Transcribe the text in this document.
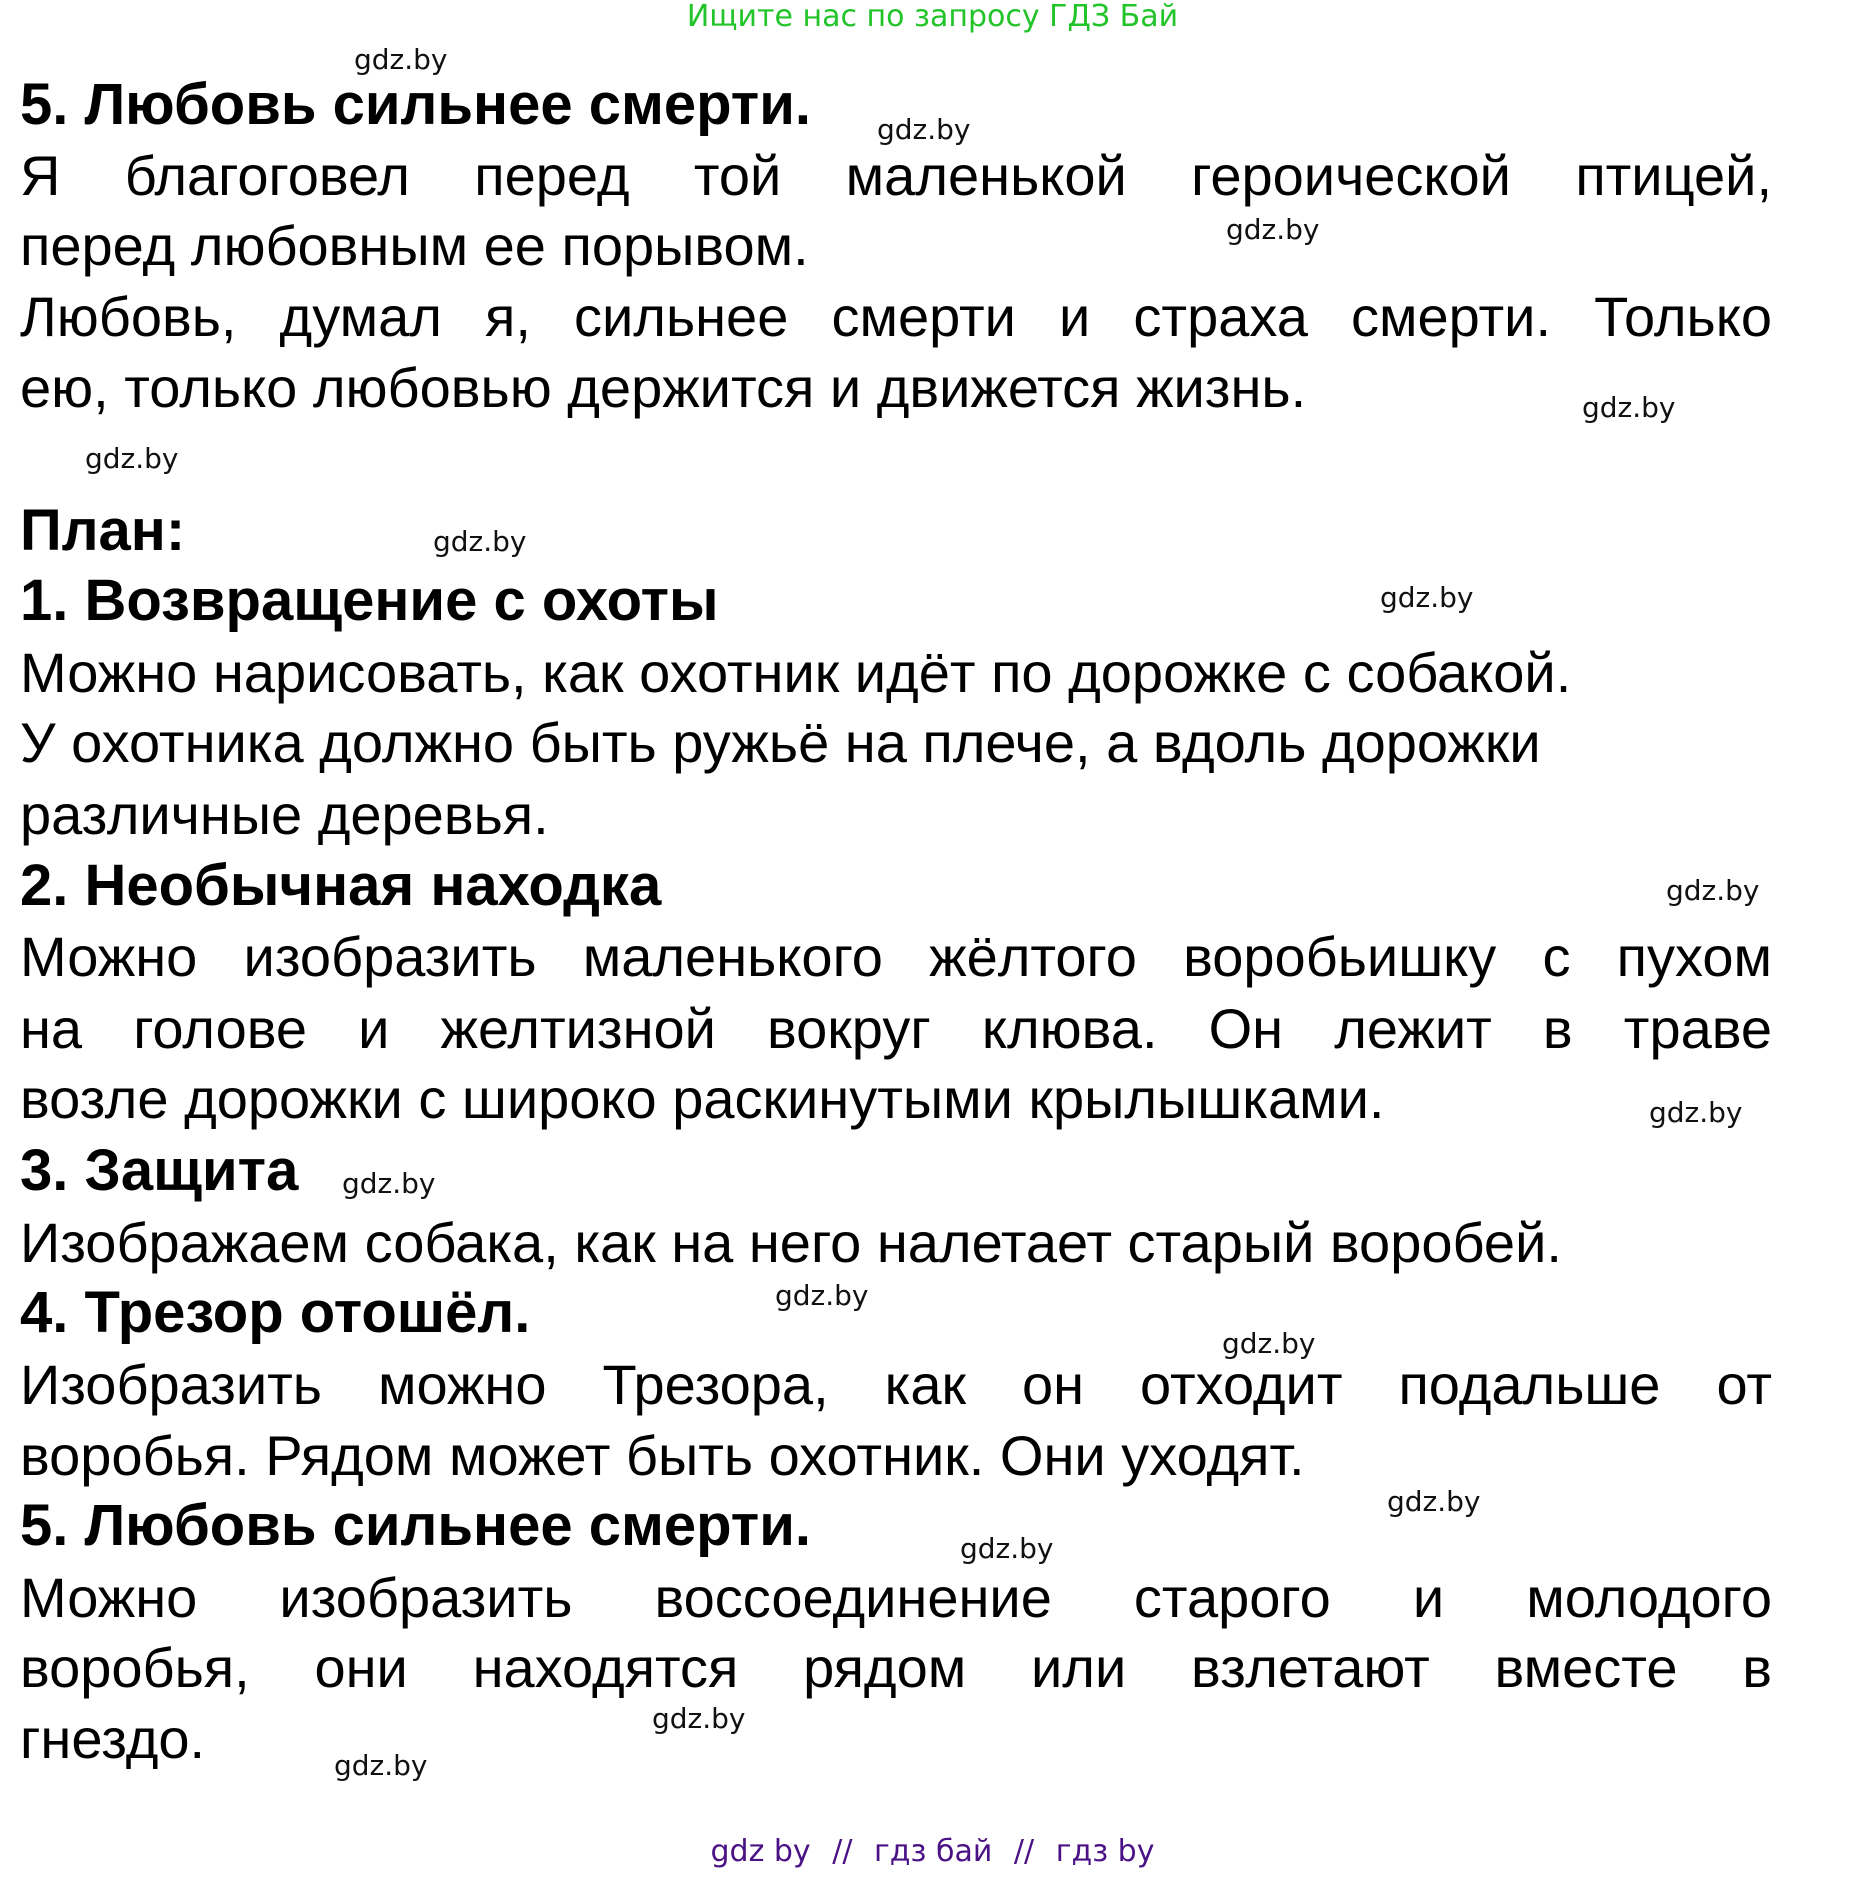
Ищите нас по запросу ГДЗ Бай
5. Любовь сильнее смерти.
Я благоговел перед той маленькой героической птицей,
перед любовным ее порывом.
Любовь, думал я, сильнее смерти и страха смерти. Только
ею, только любовью держится и движется жизнь.
План:
1. Возвращение с охоты
Можно нарисовать, как охотник идёт по дорожке с собакой.
У охотника должно быть ружьё на плече, а вдоль дорожки
различные деревья.
2. Необычная находка
Можно изобразить маленького жёлтого воробьишку с пухом
на голове и желтизной вокруг клюва. Он лежит в траве
возле дорожки с широко раскинутыми крылышками.
3. Защита
Изображаем собака, как на него налетает старый воробей.
4. Трезор отошёл.
Изобразить можно Трезора, как он отходит подальше от
воробья. Рядом может быть охотник. Они уходят.
5. Любовь сильнее смерти.
Можно изобразить воссоединение старого и молодого
воробья, они находятся рядом или взлетают вместе в
гнездо.
gdz.by
gdz.by
gdz.by
gdz.by
gdz.by
gdz.by
gdz.by
gdz.by
gdz.by
gdz.by
gdz.by
gdz.by
gdz.by
gdz.by
gdz.by
gdz.by
gdz by // гдз бай // гдз by
